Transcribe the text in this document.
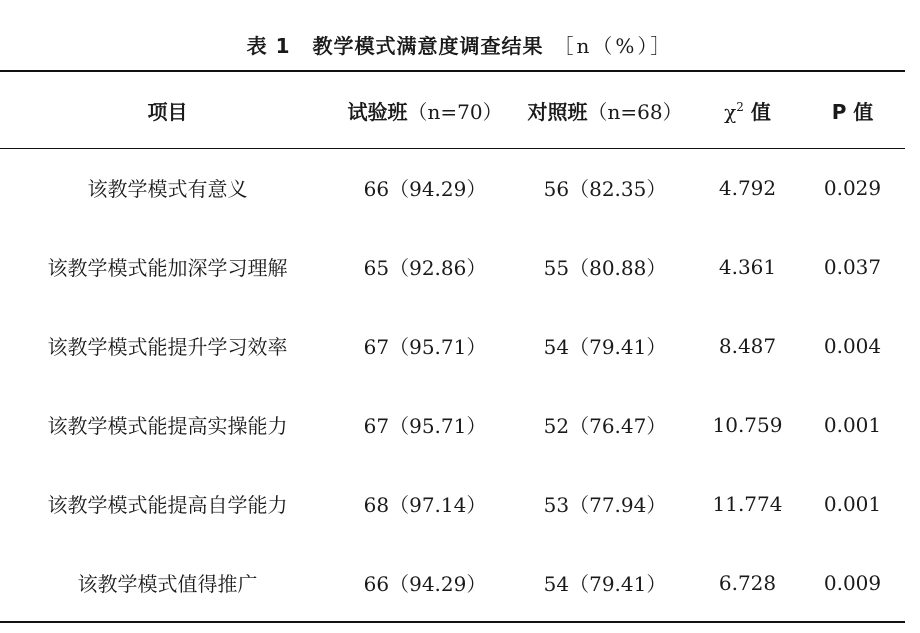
表 1 教学模式满意度调查结果 ［n（%）］
项目	试验班（n=70）	对照班（n=68）	$\chi^2$ 值	P 值
该教学模式有意义	66（94.29）	56（82.35）	4.792	0.029
该教学模式能加深学习理解	65（92.86）	55（80.88）	4.361	0.037
该教学模式能提升学习效率	67（95.71）	54（79.41）	8.487	0.004
该教学模式能提高实操能力	67（95.71）	52（76.47）	10.759	0.001
该教学模式能提高自学能力	68（97.14）	53（77.94）	11.774	0.001
该教学模式值得推广	66（94.29）	54（79.41）	6.728	0.009
